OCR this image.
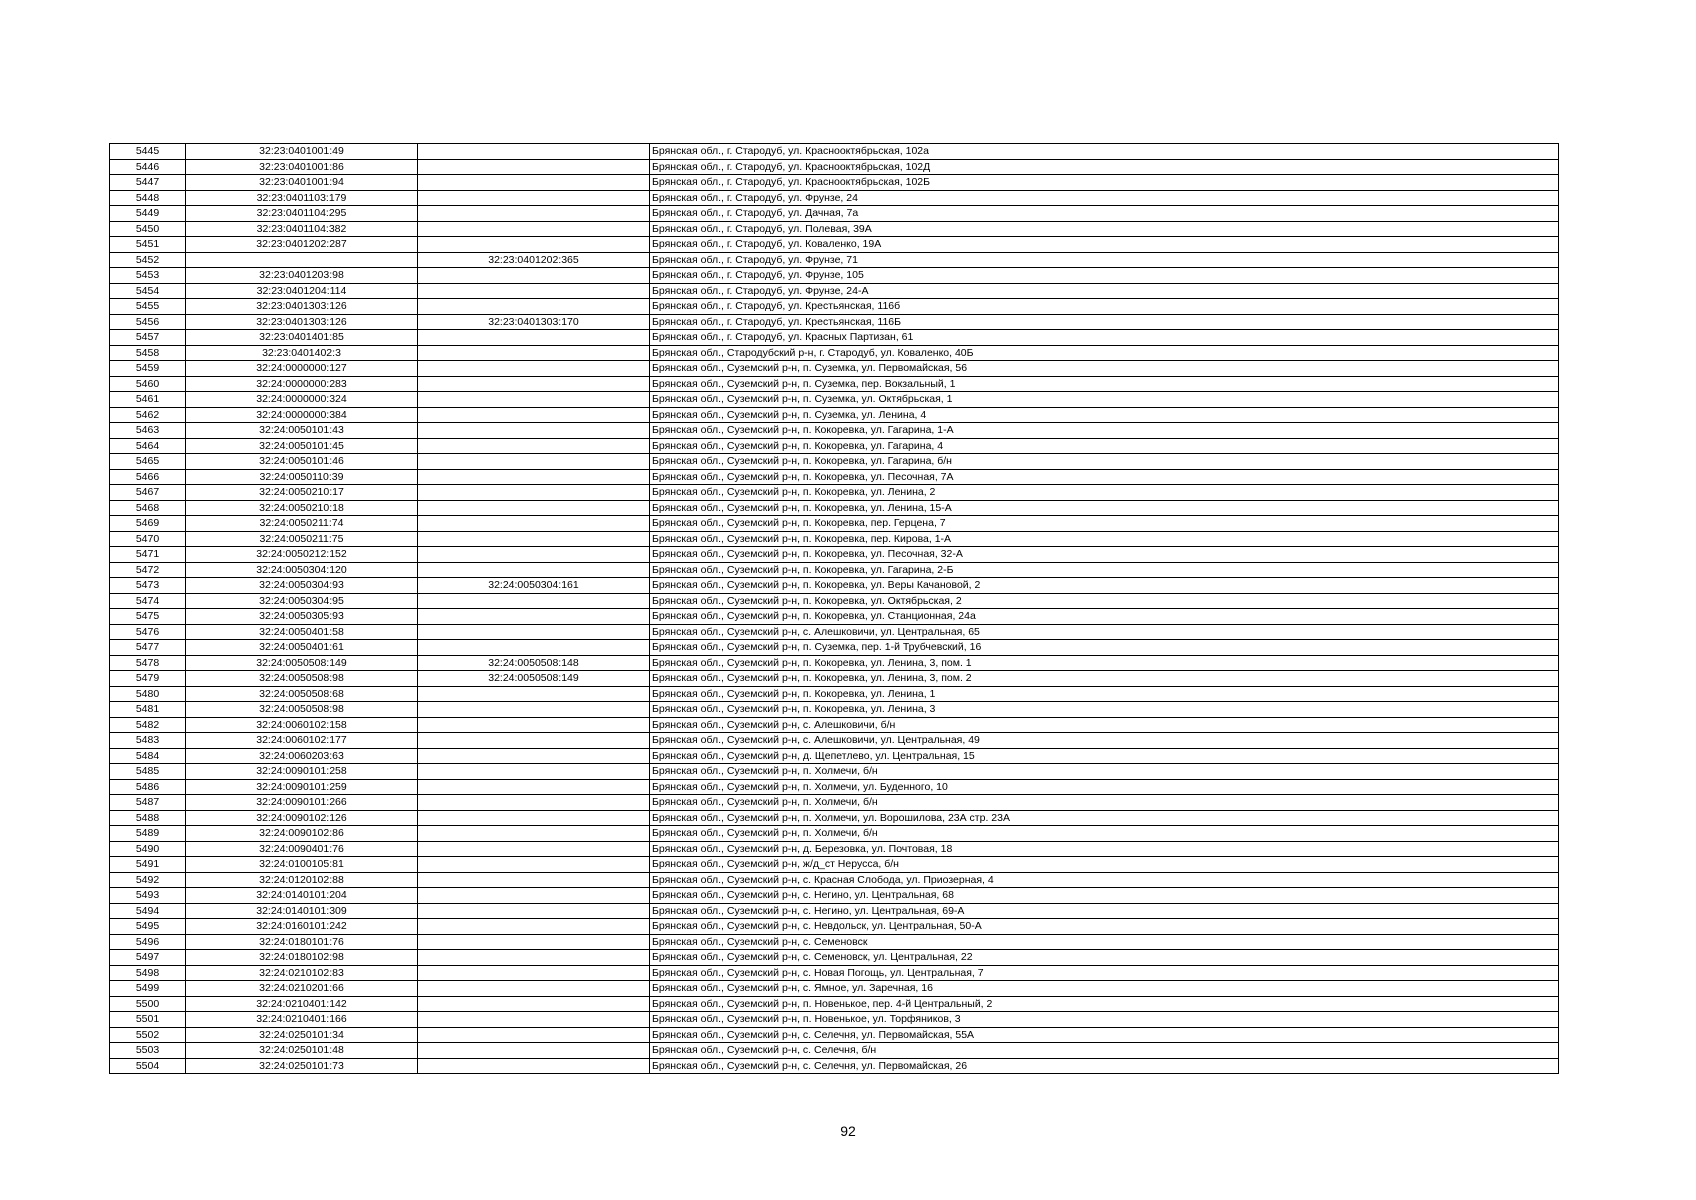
5445	32:23:0401001:49		Брянская обл., г. Стародуб, ул. Краснооктябрьская, 102а
5446	32:23:0401001:86		Брянская обл., г. Стародуб, ул. Краснооктябрьская, 102Д
5447	32:23:0401001:94		Брянская обл., г. Стародуб, ул. Краснооктябрьская, 102Б
5448	32:23:0401103:179		Брянская обл., г. Стародуб, ул. Фрунзе, 24
5449	32:23:0401104:295		Брянская обл., г. Стародуб, ул. Дачная, 7а
5450	32:23:0401104:382		Брянская обл., г. Стародуб, ул. Полевая, 39А
5451	32:23:0401202:287		Брянская обл., г. Стародуб, ул. Коваленко, 19А
5452		32:23:0401202:365	Брянская обл., г. Стародуб, ул. Фрунзе, 71
5453	32:23:0401203:98		Брянская обл., г. Стародуб, ул. Фрунзе, 105
5454	32:23:0401204:114		Брянская обл., г. Стародуб, ул. Фрунзе, 24-А
5455	32:23:0401303:126		Брянская обл., г. Стародуб, ул. Крестьянская, 116б
5456	32:23:0401303:126	32:23:0401303:170	Брянская обл., г. Стародуб, ул. Крестьянская, 116Б
5457	32:23:0401401:85		Брянская обл., г. Стародуб, ул. Красных Партизан, 61
5458	32:23:0401402:3		Брянская обл., Стародубский р-н, г. Стародуб, ул. Коваленко, 40Б
5459	32:24:0000000:127		Брянская обл., Суземский р-н, п. Суземка, ул. Первомайская, 56
5460	32:24:0000000:283		Брянская обл., Суземский р-н, п. Суземка, пер. Вокзальный, 1
5461	32:24:0000000:324		Брянская обл., Суземский р-н, п. Суземка, ул. Октябрьская, 1
5462	32:24:0000000:384		Брянская обл., Суземский р-н, п. Суземка, ул. Ленина, 4
5463	32:24:0050101:43		Брянская обл., Суземский р-н, п. Кокоревка, ул. Гагарина, 1-А
5464	32:24:0050101:45		Брянская обл., Суземский р-н, п. Кокоревка, ул. Гагарина, 4
5465	32:24:0050101:46		Брянская обл., Суземский р-н, п. Кокоревка, ул. Гагарина, б/н
5466	32:24:0050110:39		Брянская обл., Суземский р-н, п. Кокоревка, ул. Песочная, 7А
5467	32:24:0050210:17		Брянская обл., Суземский р-н, п. Кокоревка, ул. Ленина, 2
5468	32:24:0050210:18		Брянская обл., Суземский р-н, п. Кокоревка, ул. Ленина, 15-А
5469	32:24:0050211:74		Брянская обл., Суземский р-н, п. Кокоревка, пер. Герцена, 7
5470	32:24:0050211:75		Брянская обл., Суземский р-н, п. Кокоревка, пер. Кирова, 1-А
5471	32:24:0050212:152		Брянская обл., Суземский р-н, п. Кокоревка, ул. Песочная, 32-А
5472	32:24:0050304:120		Брянская обл., Суземский р-н, п. Кокоревка, ул. Гагарина, 2-Б
5473	32:24:0050304:93	32:24:0050304:161	Брянская обл., Суземский р-н, п. Кокоревка, ул. Веры Качановой, 2
5474	32:24:0050304:95		Брянская обл., Суземский р-н, п. Кокоревка, ул. Октябрьская, 2
5475	32:24:0050305:93		Брянская обл., Суземский р-н, п. Кокоревка, ул. Станционная, 24а
5476	32:24:0050401:58		Брянская обл., Суземский р-н, с. Алешковичи, ул. Центральная, 65
5477	32:24:0050401:61		Брянская обл., Суземский р-н, п. Суземка, пер. 1-й Трубчевский, 16
5478	32:24:0050508:149	32:24:0050508:148	Брянская обл., Суземский р-н, п. Кокоревка, ул. Ленина, 3, пом. 1
5479	32:24:0050508:98	32:24:0050508:149	Брянская обл., Суземский р-н, п. Кокоревка, ул. Ленина, 3, пом. 2
5480	32:24:0050508:68		Брянская обл., Суземский р-н, п. Кокоревка, ул. Ленина, 1
5481	32:24:0050508:98		Брянская обл., Суземский р-н, п. Кокоревка, ул. Ленина, 3
5482	32:24:0060102:158		Брянская обл., Суземский р-н, с. Алешковичи, б/н
5483	32:24:0060102:177		Брянская обл., Суземский р-н, с. Алешковичи, ул. Центральная, 49
5484	32:24:0060203:63		Брянская обл., Суземский р-н, д. Щепетлево, ул. Центральная, 15
5485	32:24:0090101:258		Брянская обл., Суземский р-н, п. Холмечи, б/н
5486	32:24:0090101:259		Брянская обл., Суземский р-н, п. Холмечи, ул. Буденного, 10
5487	32:24:0090101:266		Брянская обл., Суземский р-н, п. Холмечи, б/н
5488	32:24:0090102:126		Брянская обл., Суземский р-н, п. Холмечи, ул. Ворошилова, 23А стр. 23А
5489	32:24:0090102:86		Брянская обл., Суземский р-н, п. Холмечи, б/н
5490	32:24:0090401:76		Брянская обл., Суземский р-н, д. Березовка, ул. Почтовая, 18
5491	32:24:0100105:81		Брянская обл., Суземский р-н, ж/д_ст Нерусса, б/н
5492	32:24:0120102:88		Брянская обл., Суземский р-н, с. Красная Слобода, ул. Приозерная, 4
5493	32:24:0140101:204		Брянская обл., Суземский р-н, с. Негино, ул. Центральная, 68
5494	32:24:0140101:309		Брянская обл., Суземский р-н, с. Негино, ул. Центральная, 69-А
5495	32:24:0160101:242		Брянская обл., Суземский р-н, с. Невдольск, ул. Центральная, 50-А
5496	32:24:0180101:76		Брянская обл., Суземский р-н, с. Семеновск
5497	32:24:0180102:98		Брянская обл., Суземский р-н, с. Семеновск, ул. Центральная, 22
5498	32:24:0210102:83		Брянская обл., Суземский р-н, с. Новая Погощь, ул. Центральная, 7
5499	32:24:0210201:66		Брянская обл., Суземский р-н, с. Ямное, ул. Заречная, 16
5500	32:24:0210401:142		Брянская обл., Суземский р-н, п. Новенькое, пер. 4-й Центральный, 2
5501	32:24:0210401:166		Брянская обл., Суземский р-н, п. Новенькое, ул. Торфяников, 3
5502	32:24:0250101:34		Брянская обл., Суземский р-н, с. Селечня, ул. Первомайская, 55А
5503	32:24:0250101:48		Брянская обл., Суземский р-н, с. Селечня, б/н
5504	32:24:0250101:73		Брянская обл., Суземский р-н, с. Селечня, ул. Первомайская, 26
92
